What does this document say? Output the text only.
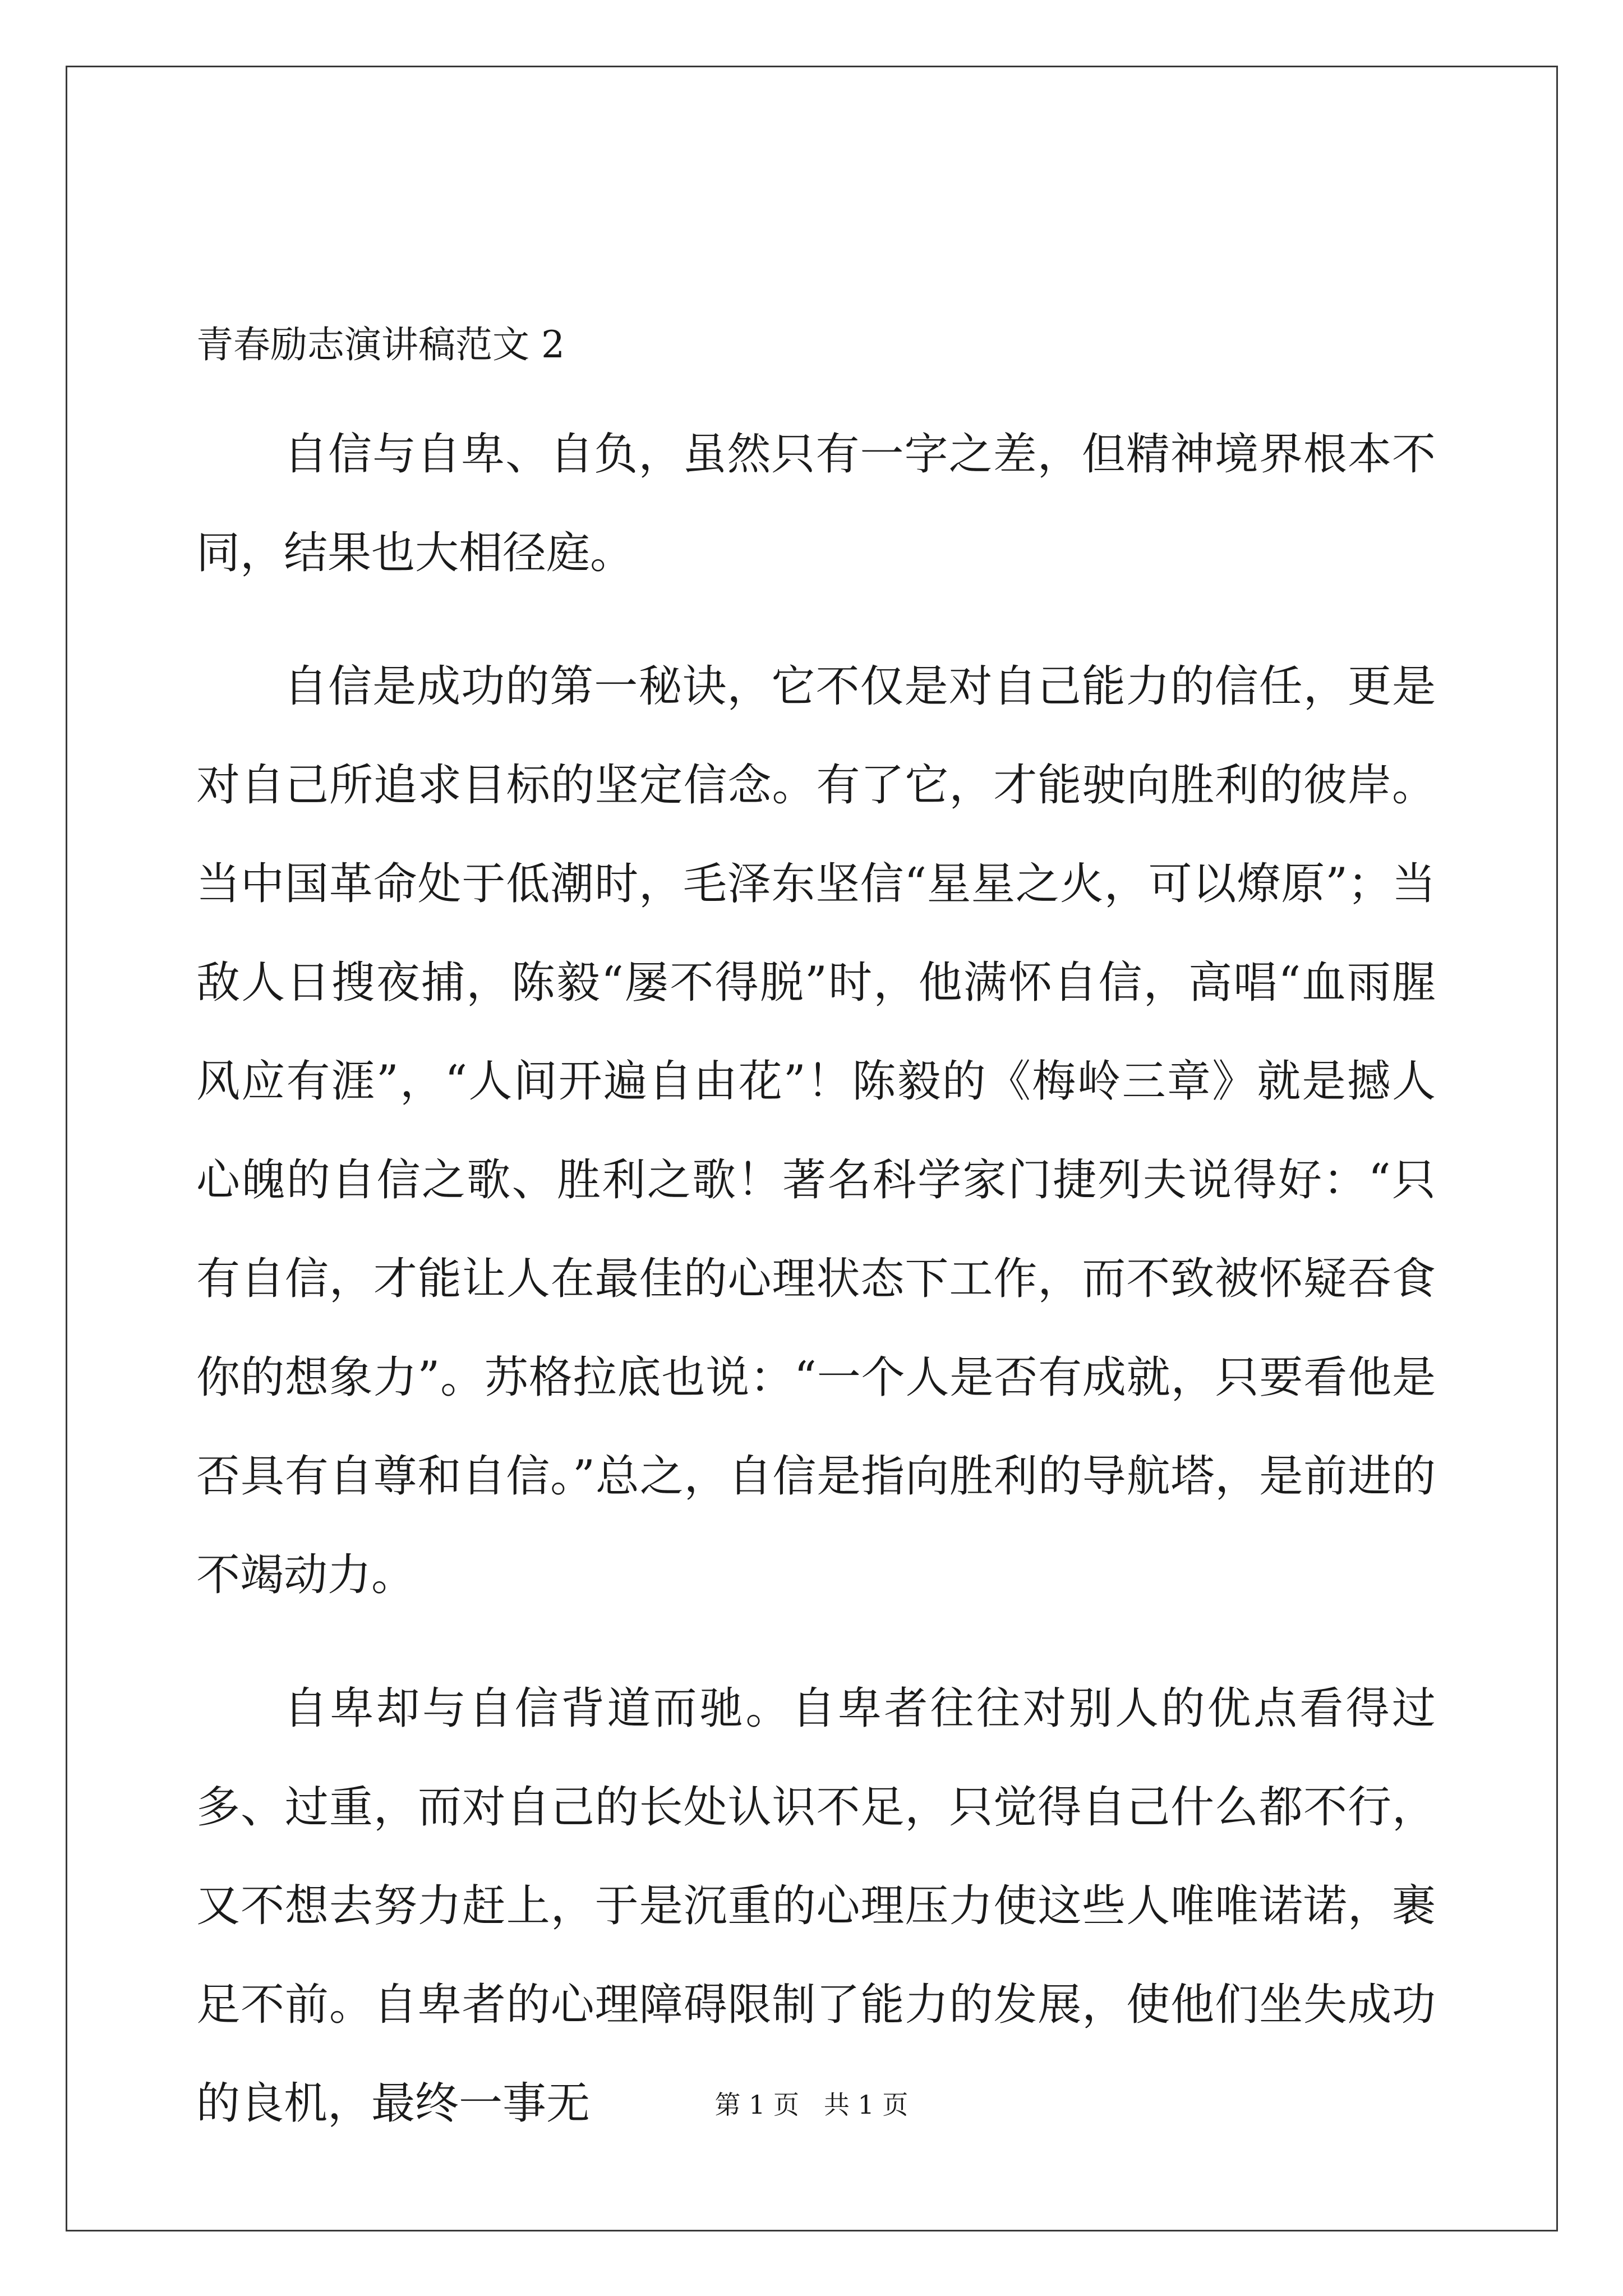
青春励志演讲稿范文 2

自信与自卑、自负，虽然只有一字之差，但精神境界根本不同，结果也大相径庭。

自信是成功的第一秘诀，它不仅是对自己能力的信任，更是对自己所追求目标的坚定信念。有了它，才能驶向胜利的彼岸。当中国革命处于低潮时，毛泽东坚信“星星之火，可以燎原”；当敌人日搜夜捕，陈毅“屡不得脱”时，他满怀自信，高唱“血雨腥风应有涯”，“人间开遍自由花”！陈毅的《梅岭三章》就是撼人心魄的自信之歌、胜利之歌！著名科学家门捷列夫说得好：“只有自信，才能让人在最佳的心理状态下工作，而不致被怀疑吞食你的想象力”。苏格拉底也说：“一个人是否有成就，只要看他是否具有自尊和自信。”总之，自信是指向胜利的导航塔，是前进的不竭动力。

自卑却与自信背道而驰。自卑者往往对别人的优点看得过多、过重，而对自己的长处认识不足，只觉得自己什么都不行，又不想去努力赶上，于是沉重的心理压力使这些人唯唯诺诺，裹足不前。自卑者的心理障碍限制了能力的发展，使他们坐失成功的良机，最终一事无	第 1 页   共 1 页
